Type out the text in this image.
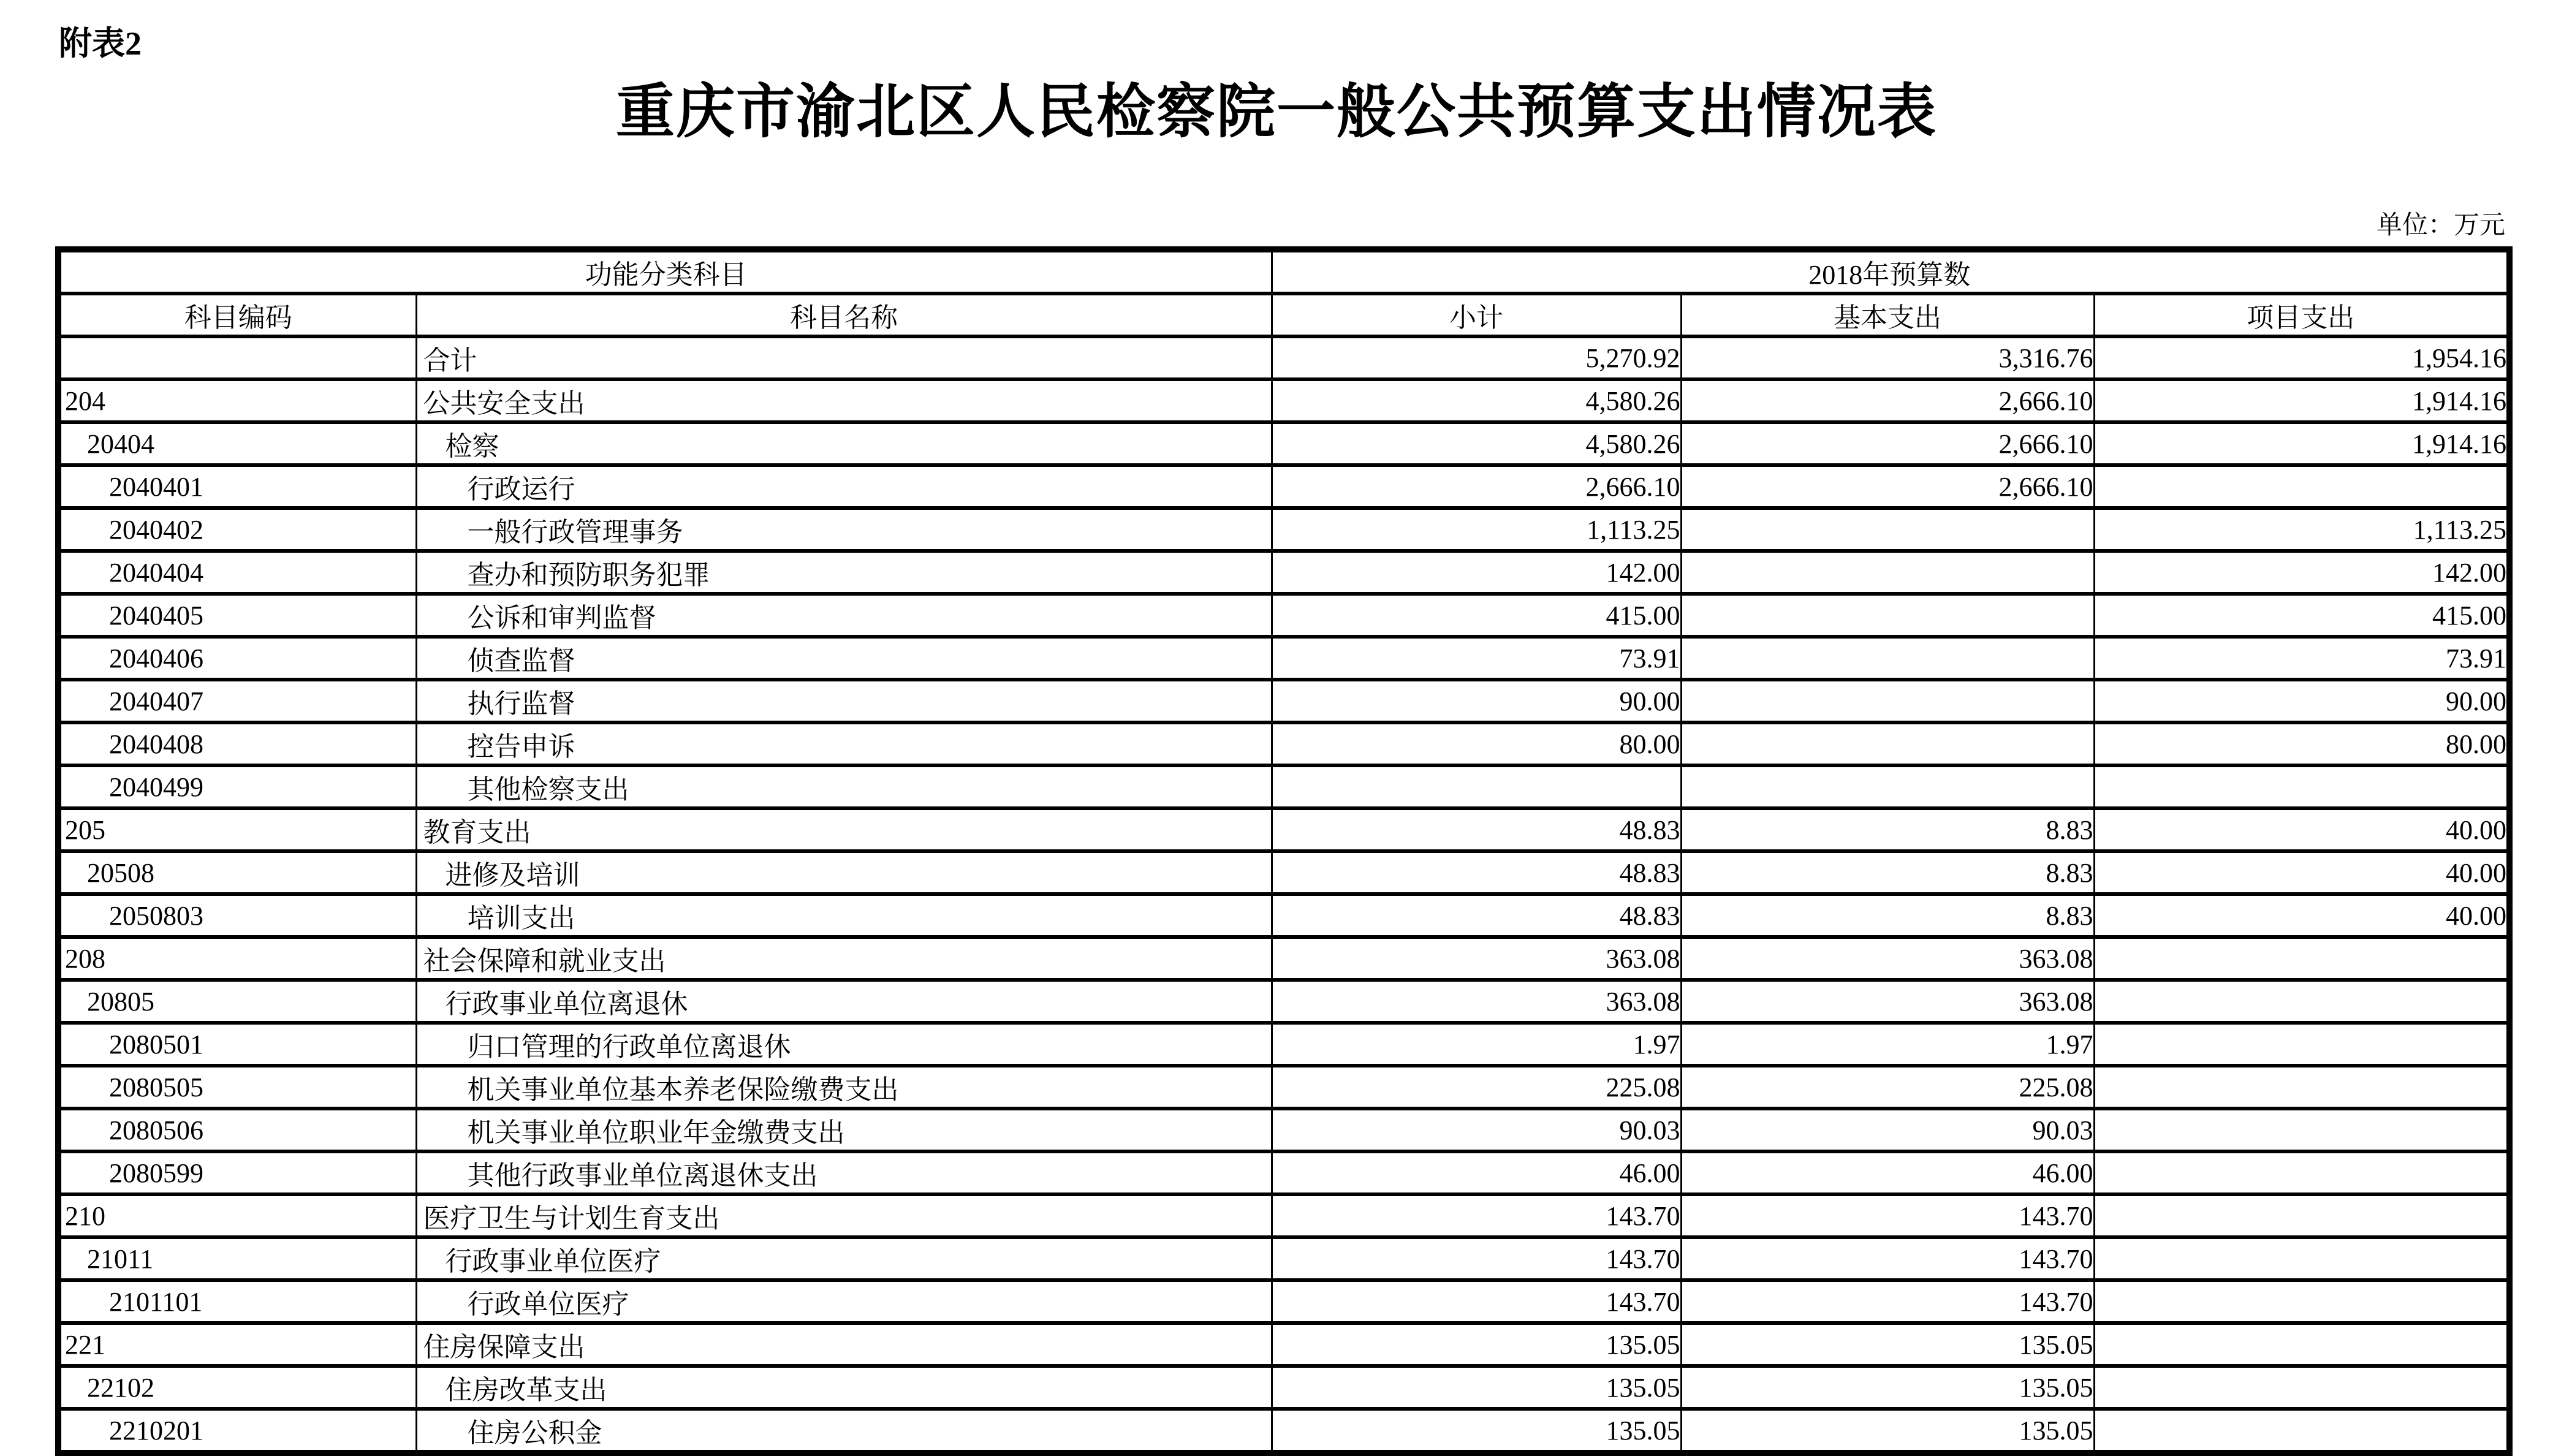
附表2
重庆市渝北区人民检察院一般公共预算支出情况表
单位：万元
功能分类科目		2018年预算数		
科目编码	科目名称	小计	基本支出	项目支出
	合计	5,270.92	3,316.76	1,954.16
204	公共安全支出	4,580.26	2,666.10	1,914.16
20404	检察	4,580.26	2,666.10	1,914.16
2040401	行政运行	2,666.10	2,666.10	
2040402	一般行政管理事务	1,113.25		1,113.25
2040404	查办和预防职务犯罪	142.00		142.00
2040405	公诉和审判监督	415.00		415.00
2040406	侦查监督	73.91		73.91
2040407	执行监督	90.00		90.00
2040408	控告申诉	80.00		80.00
2040499	其他检察支出			
205	教育支出	48.83	8.83	40.00
20508	进修及培训	48.83	8.83	40.00
2050803	培训支出	48.83	8.83	40.00
208	社会保障和就业支出	363.08	363.08	
20805	行政事业单位离退休	363.08	363.08	
2080501	归口管理的行政单位离退休	1.97	1.97	
2080505	机关事业单位基本养老保险缴费支出	225.08	225.08	
2080506	机关事业单位职业年金缴费支出	90.03	90.03	
2080599	其他行政事业单位离退休支出	46.00	46.00	
210	医疗卫生与计划生育支出	143.70	143.70	
21011	行政事业单位医疗	143.70	143.70	
2101101	行政单位医疗	143.70	143.70	
221	住房保障支出	135.05	135.05	
22102	住房改革支出	135.05	135.05	
2210201	住房公积金	135.05	135.05	
